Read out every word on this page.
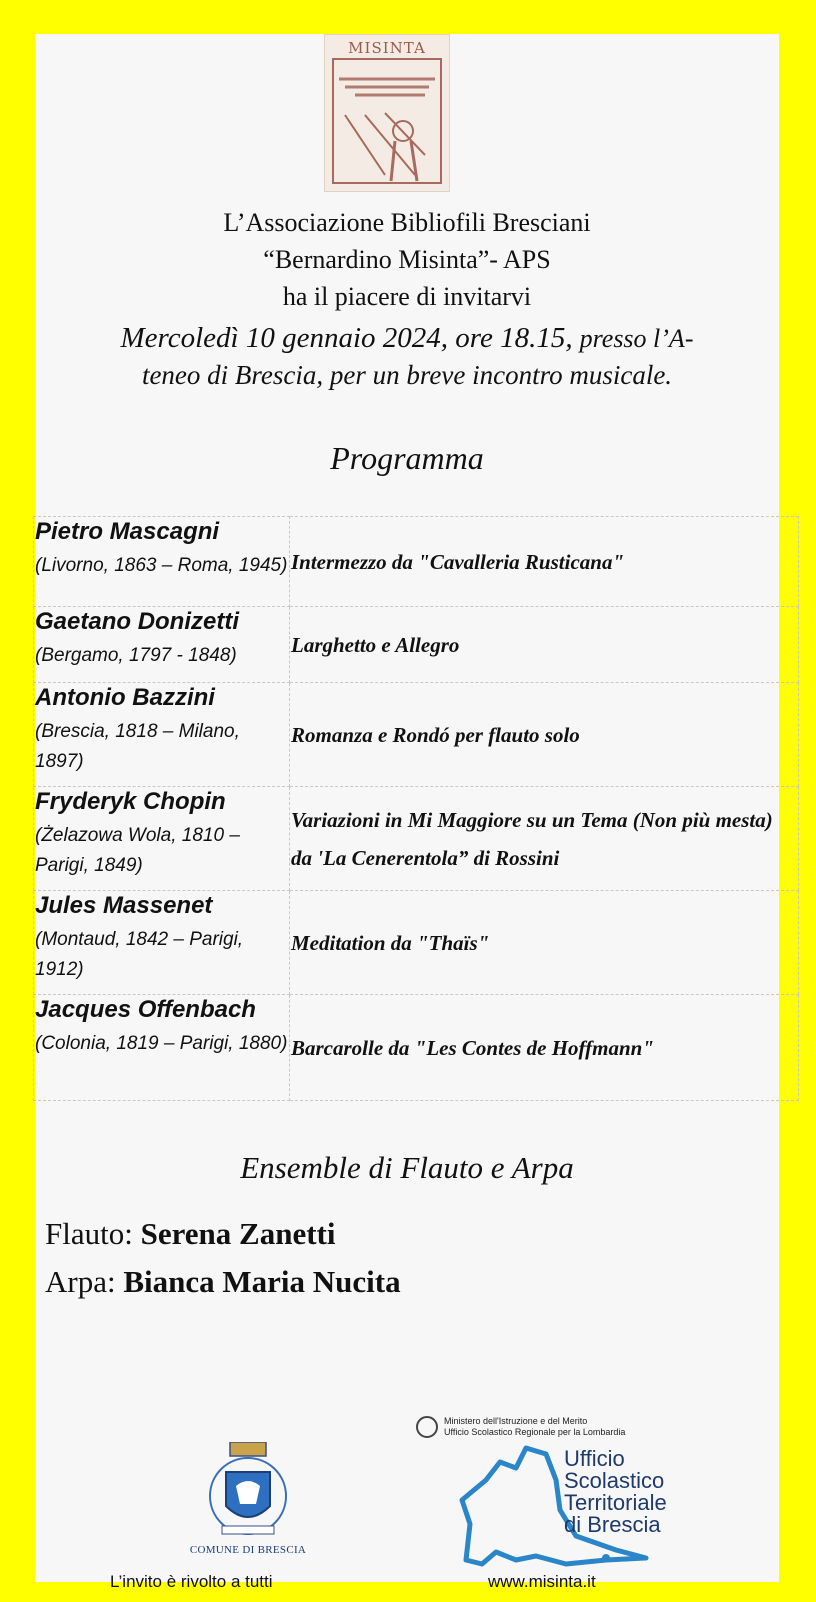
MISINTA
L’Associazione Bibliofili Bresciani
“Bernardino Misinta”- APS
ha il piacere di invitarvi
Mercoledì 10 gennaio 2024, ore 18.15, presso l’A-
teneo di Brescia, per un breve incontro musicale.
Programma
Pietro Mascagni
(Livorno, 1863 – Roma, 1945)	Intermezzo da "Cavalleria Rusticana"

Gaetano Donizetti
(Bergamo, 1797 - 1848)	Larghetto e Allegro

Antonio Bazzini
(Brescia, 1818 – Milano, 1897)	Romanza e Rondó per flauto solo

Fryderyk Chopin
(Żelazowa Wola, 1810 – Parigi, 1849)	Variazioni in Mi Maggiore su un Tema (Non più mesta) da 'La Cenerentola” di Rossini

Jules Massenet
(Montaud, 1842 – Parigi, 1912)	Meditation da "Thaïs"

Jacques Offenbach
(Colonia, 1819 – Parigi, 1880)	Barcarolle da "Les Contes de Hoffmann"
Ensemble di Flauto e Arpa
Flauto: Serena Zanetti
Arpa: Bianca Maria Nucita
COMUNE DI BRESCIA
Ministero dell'Istruzione e del Merito
Ufficio Scolastico Regionale per la Lombardia
Ufficio
Scolastico
Territoriale
di Brescia
L’invito è rivolto a tutti	www.misinta.it
